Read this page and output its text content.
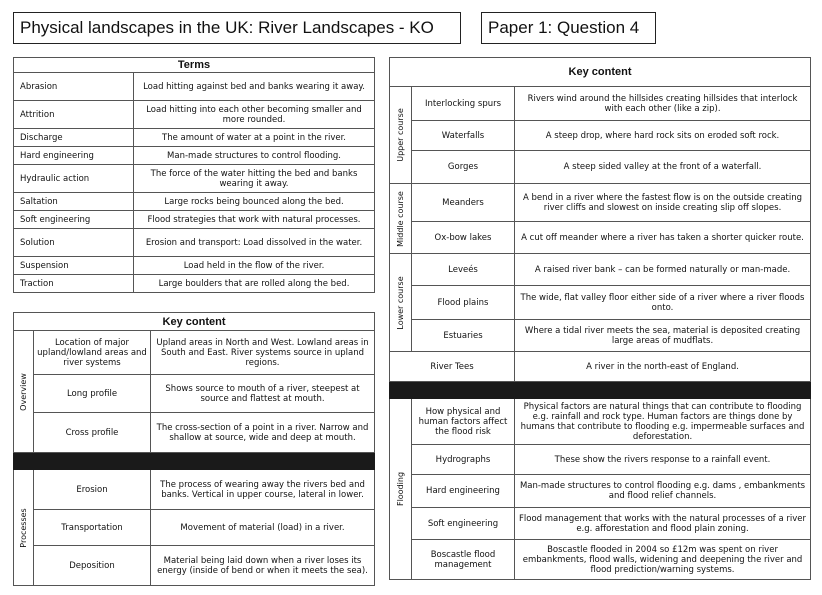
Physical landscapes in the UK: River Landscapes - KO	Paper 1: Question 4
Terms	
Abrasion	Load hitting against bed and banks wearing it away.
Attrition	Load hitting into each other becoming smaller and more rounded.
Discharge	The amount of water at a point in the river.
Hard engineering	Man-made structures to control flooding.
Hydraulic action	The force of the water hitting the bed and banks wearing it away.
Saltation	Large rocks being bounced along the bed.
Soft engineering	Flood strategies that work with natural processes.
Solution	Erosion and transport: Load dissolved in the water.
Suspension	Load held in the flow of the river.
Traction	Large boulders that are rolled along the bed.
Key content		

Overview	Location of major upland/lowland areas and river systems	Upland areas in North and West. Lowland areas in South and East. River systems source in upland regions.
	Long profile	Shows source to mouth of a river, steepest at source and flattest at mouth.
	Cross profile	The cross-section of a point in a river. Narrow and shallow at source, wide and deep at mouth.

Processes	Erosion	The process of wearing away the rivers bed and banks. Vertical in upper course, lateral in lower.
	Transportation	Movement of material (load) in a river.
	Deposition	Material being laid down when a river loses its energy (inside of bend or when it meets the sea).
Key content		

Upper course	Interlocking spurs	Rivers wind around the hillsides creating hillsides that interlock with each other (like a zip).
	Waterfalls	A steep drop, where hard rock sits on eroded soft rock.
	Gorges	A steep sided valley at the front of a waterfall.

Middle course	Meanders	A bend in a river where the fastest flow is on the outside creating river cliffs and slowest on inside creating slip off slopes.
	Ox-bow lakes	A cut off meander where a river has taken a shorter quicker route.

Lower course	Leveés	A raised river bank – can be formed naturally or man-made.
	Flood plains	The wide, flat valley floor either side of a river where a river floods onto.
	Estuaries	Where a tidal river meets the sea, material is deposited creating large areas of mudflats.
River Tees		A river in the north-east of England.

Flooding	How physical and human factors affect the flood risk	Physical factors are natural things that can contribute to flooding e.g. rainfall and rock type. Human factors are things done by humans that contribute to flooding e.g. impermeable surfaces and deforestation.
	Hydrographs	These show the rivers response to a rainfall event.
	Hard engineering	Man-made structures to control flooding e.g. dams , embankments and flood relief channels.
	Soft engineering	Flood management that works with the natural processes of a river e.g. afforestation and flood plain zoning.
	Boscastle flood management	Boscastle flooded in 2004 so £12m was spent on river embankments, flood walls, widening and deepening the river and flood prediction/warning systems.
